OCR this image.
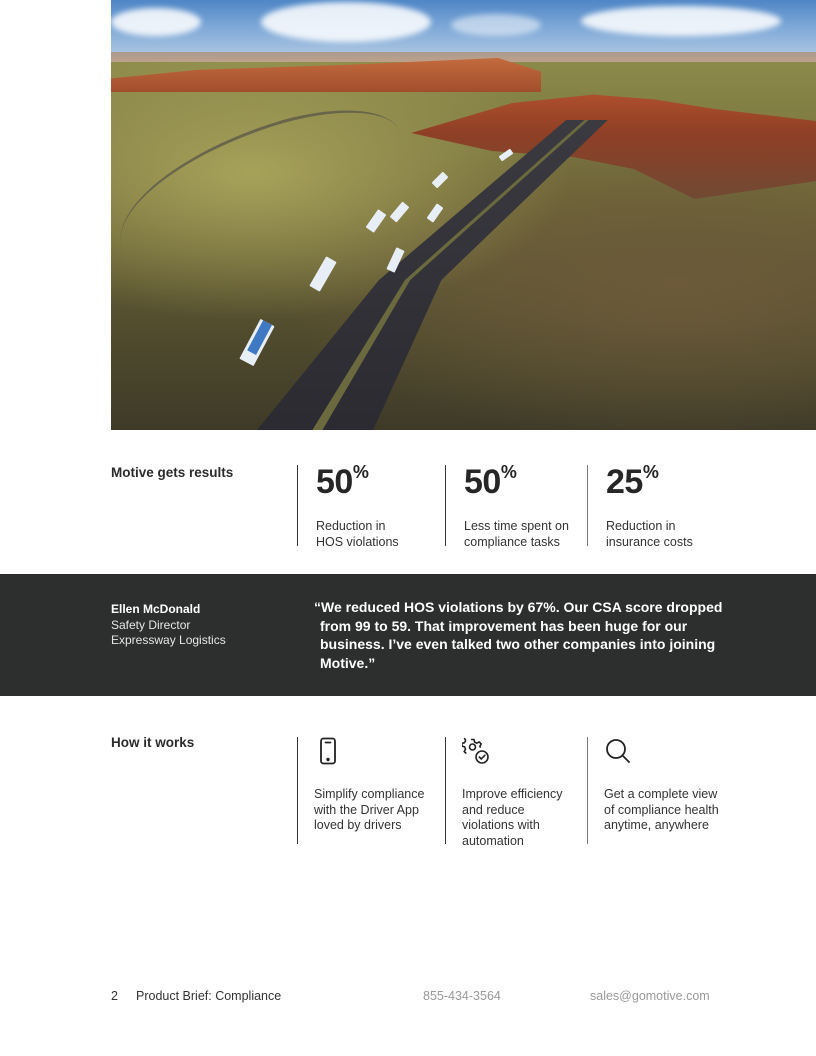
Motive gets results 50%
Reduction in
HOS violations
50%
Less time spent on
compliance tasks
25%
Reduction in
insurance costs
Ellen McDonald
Safety Director
Expressway Logistics
“We reduced HOS violations by 67%. Our CSA score dropped from 99 to 59. That improvement has been huge for our business. I’ve even talked two other companies into joining Motive.”
How it works
Simplify compliance with the Driver App loved by drivers
Improve efficiency and reduce violations with automation
Get a complete view of compliance health anytime, anywhere
2 Product Brief: Compliance	855-434-3564	sales@gomotive.com
